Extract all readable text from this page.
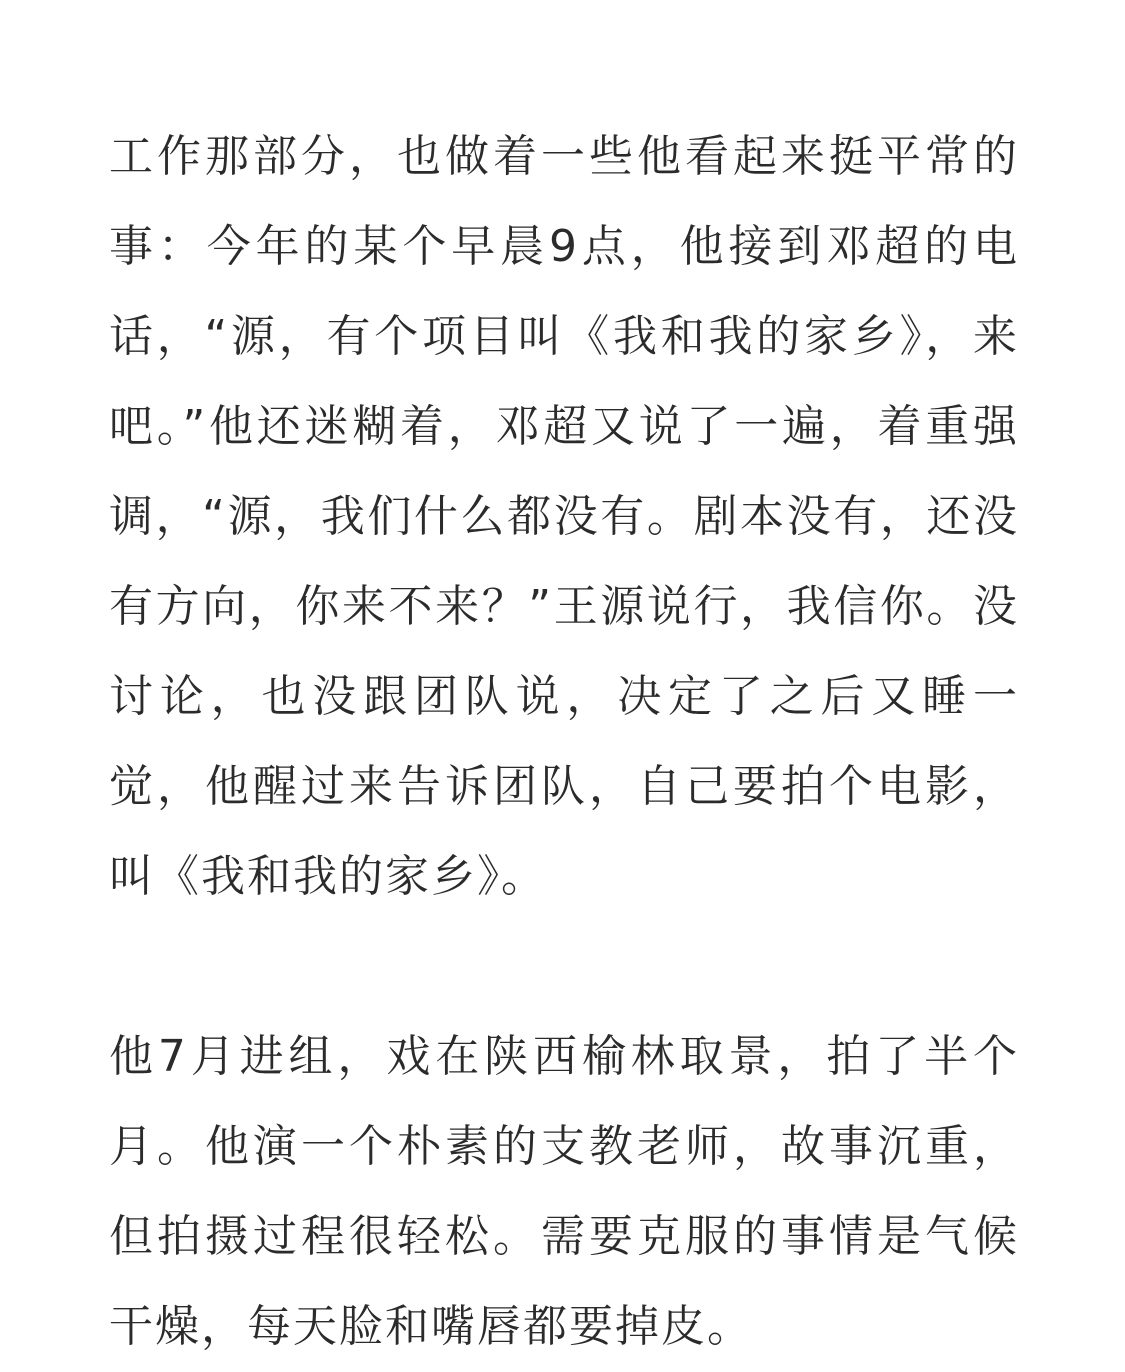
工作那部分，也做着一些他看起来挺平常的事：今年的某个早晨9点，他接到邓超的电话，“源，有个项目叫《我和我的家乡》，来吧。”他还迷糊着，邓超又说了一遍，着重强调，“源，我们什么都没有。剧本没有，还没有方向，你来不来？”王源说行，我信你。没讨论，也没跟团队说，决定了之后又睡一觉，他醒过来告诉团队，自己要拍个电影，叫《我和我的家乡》。

他7月进组，戏在陕西榆林取景，拍了半个月。他演一个朴素的支教老师，故事沉重，但拍摄过程很轻松。需要克服的事情是气候干燥，每天脸和嘴唇都要掉皮。
